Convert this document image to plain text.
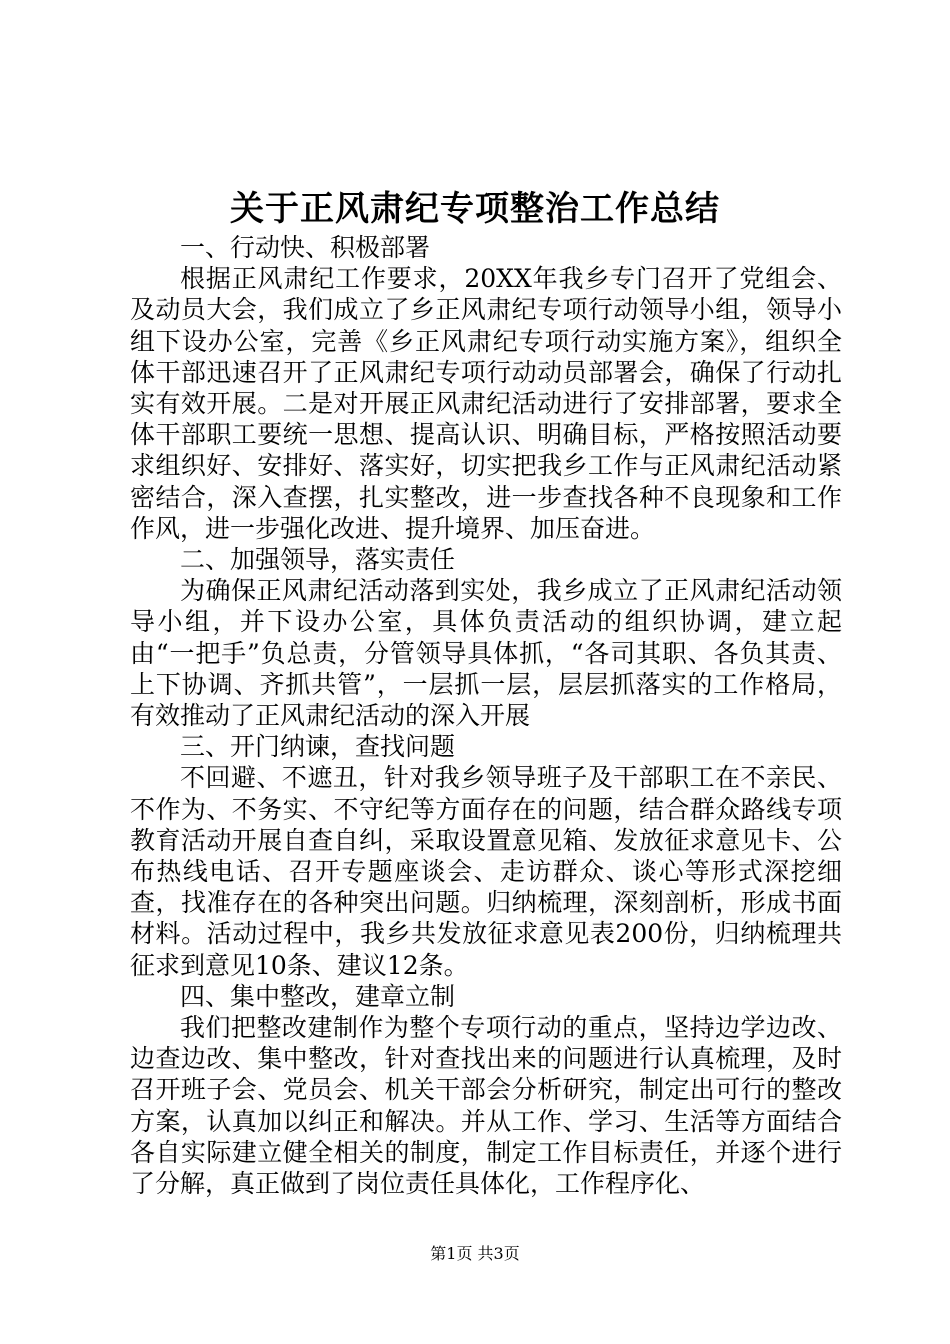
关于正风肃纪专项整治工作总结

一、行动快、积极部署

根据正风肃纪工作要求，20XX年我乡专门召开了党组会、及动员大会，我们成立了乡正风肃纪专项行动领导小组，领导小组下设办公室，完善《乡正风肃纪专项行动实施方案》，组织全体干部迅速召开了正风肃纪专项行动动员部署会，确保了行动扎实有效开展。二是对开展正风肃纪活动进行了安排部署，要求全体干部职工要统一思想、提高认识、明确目标，严格按照活动要求组织好、安排好、落实好，切实把我乡工作与正风肃纪活动紧密结合，深入查摆，扎实整改，进一步查找各种不良现象和工作作风，进一步强化改进、提升境界、加压奋进。

二、加强领导，落实责任

为确保正风肃纪活动落到实处，我乡成立了正风肃纪活动领导小组，并下设办公室，具体负责活动的组织协调，建立起由“一把手”负总责，分管领导具体抓，“各司其职、各负其责、上下协调、齐抓共管”，一层抓一层，层层抓落实的工作格局，有效推动了正风肃纪活动的深入开展

三、开门纳谏，查找问题

不回避、不遮丑，针对我乡领导班子及干部职工在不亲民、不作为、不务实、不守纪等方面存在的问题，结合群众路线专项教育活动开展自查自纠，采取设置意见箱、发放征求意见卡、公布热线电话、召开专题座谈会、走访群众、谈心等形式深挖细查，找准存在的各种突出问题。归纳梳理，深刻剖析，形成书面材料。活动过程中，我乡共发放征求意见表200份，归纳梳理共征求到意见10条、建议12条。

四、集中整改，建章立制

我们把整改建制作为整个专项行动的重点，坚持边学边改、边查边改、集中整改，针对查找出来的问题进行认真梳理，及时召开班子会、党员会、机关干部会分析研究，制定出可行的整改方案，认真加以纠正和解决。并从工作、学习、生活等方面结合各自实际建立健全相关的制度，制定工作目标责任，并逐个进行了分解，真正做到了岗位责任具体化，工作程序化、

第1页 共3页
